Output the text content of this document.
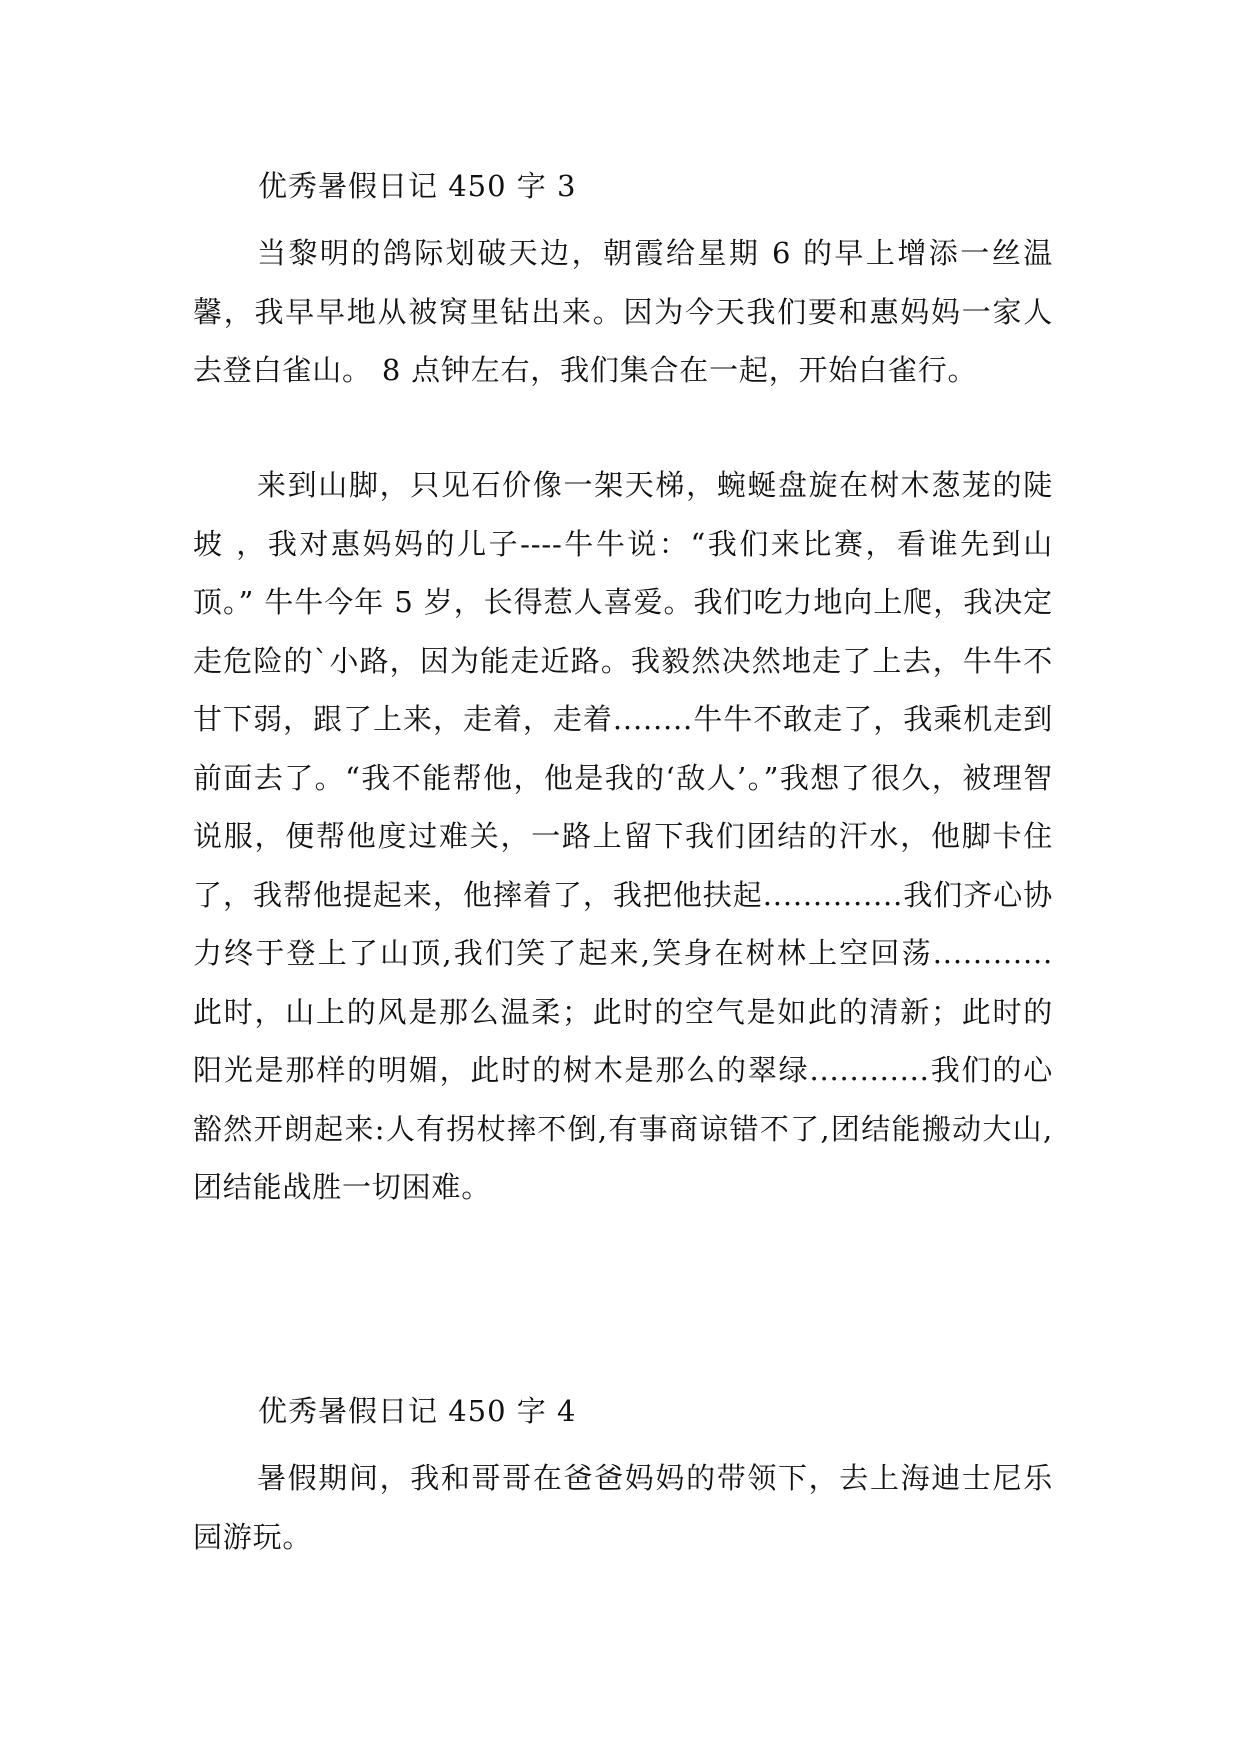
优秀暑假日记 450 字 3

当黎明的鸽际划破天边，朝霞给星期 6 的早上增添一丝温馨，我早早地从被窝里钻出来。因为今天我们要和惠妈妈一家人去登白雀山。 8 点钟左右，我们集合在一起，开始白雀行。

来到山脚，只见石价像一架天梯，蜿蜒盘旋在树木葱茏的陡坡 ，我对惠妈妈的儿子----牛牛说：“我们来比赛，看谁先到山顶。” 牛牛今年 5 岁，长得惹人喜爱。我们吃力地向上爬，我决定走危险的`小路，因为能走近路。我毅然决然地走了上去，牛牛不甘下弱，跟了上来，走着，走着........牛牛不敢走了，我乘机走到前面去了。“我不能帮他，他是我的‘敌人’。”我想了很久，被理智说服，便帮他度过难关，一路上留下我们团结的汗水，他脚卡住了，我帮他提起来，他摔着了，我把他扶起..............我们齐心协力终于登上了山顶,我们笑了起来,笑身在树林上空回荡............ 此时，山上的风是那么温柔；此时的空气是如此的清新；此时的阳光是那样的明媚，此时的树木是那么的翠绿............我们的心豁然开朗起来:人有拐杖摔不倒,有事商谅错不了,团结能搬动大山,团结能战胜一切困难。

优秀暑假日记 450 字 4

暑假期间，我和哥哥在爸爸妈妈的带领下，去上海迪士尼乐园游玩。
